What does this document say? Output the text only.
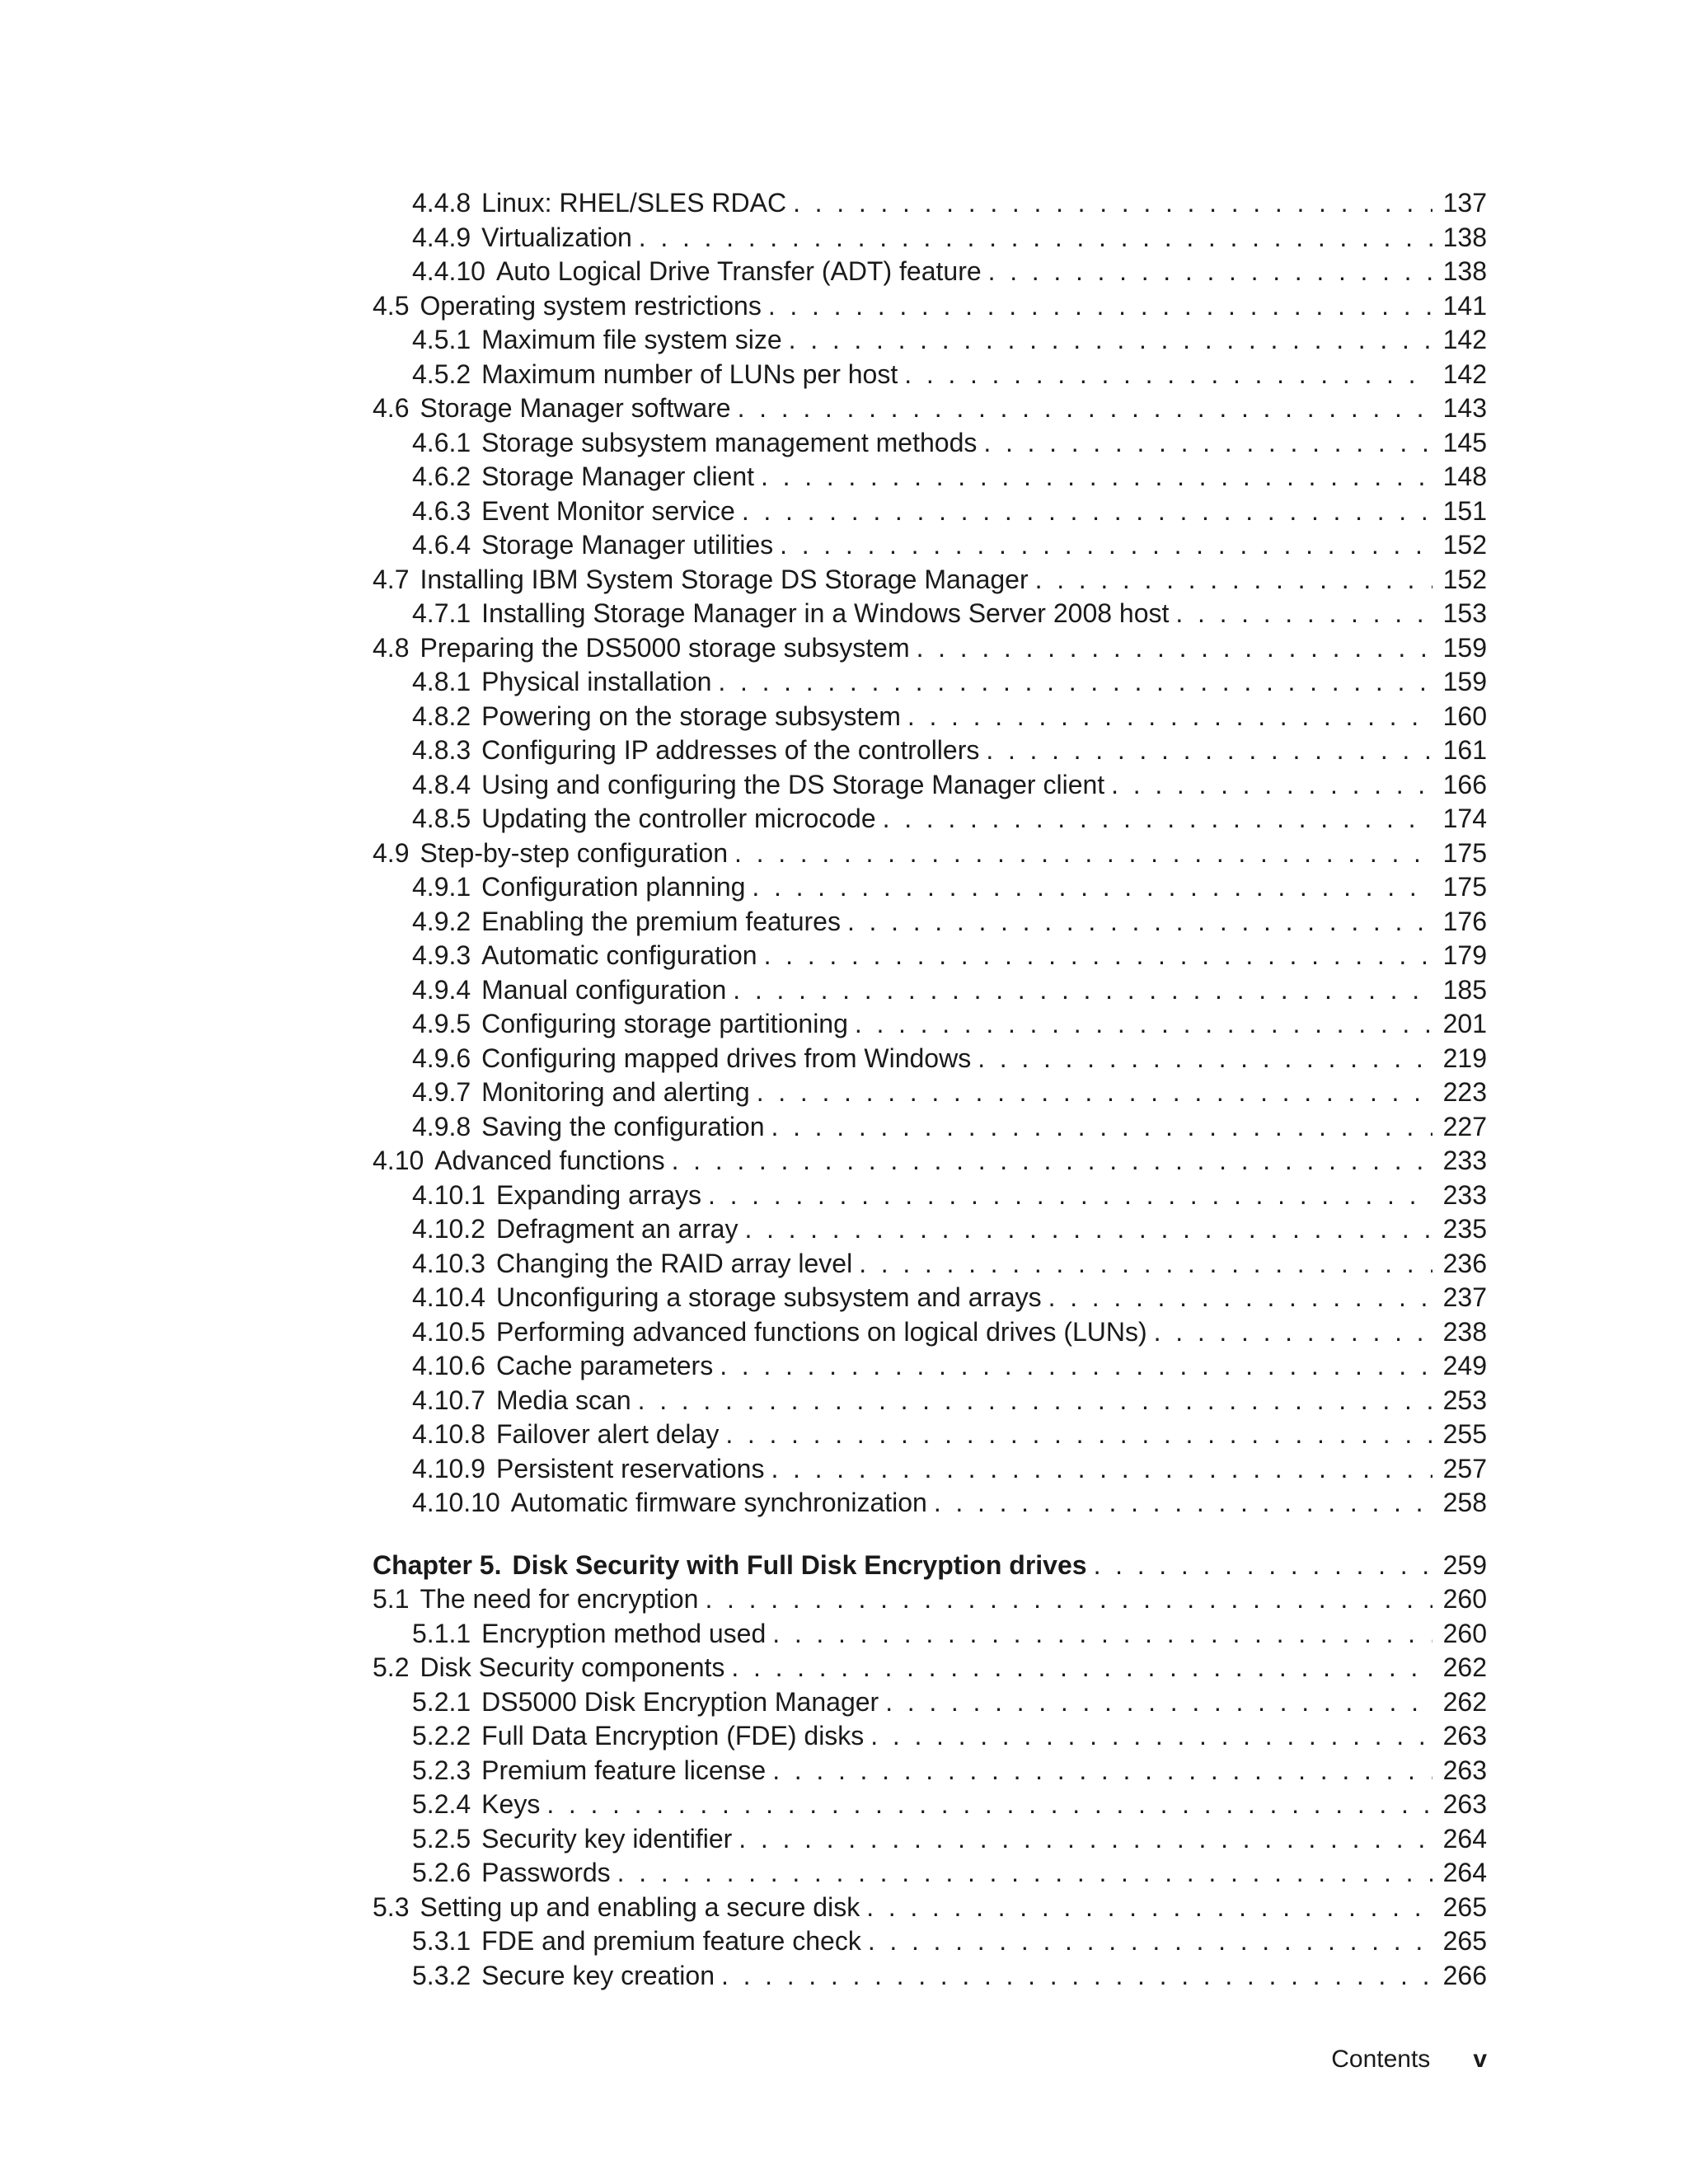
4.4.8 Linux: RHEL/SLES RDAC . . .	137
4.4.9 Virtualization . . .	138
4.4.10 Auto Logical Drive Transfer (ADT) feature . . .	138
4.5 Operating system restrictions . . .	141
4.5.1 Maximum file system size . . .	142
4.5.2 Maximum number of LUNs per host . . .	142
4.6 Storage Manager software . . .	143
4.6.1 Storage subsystem management methods . . .	145
4.6.2 Storage Manager client . . .	148
4.6.3 Event Monitor service . . .	151
4.6.4 Storage Manager utilities . . .	152
4.7 Installing IBM System Storage DS Storage Manager . . .	152
4.7.1 Installing Storage Manager in a Windows Server 2008 host . . .	153
4.8 Preparing the DS5000 storage subsystem . . .	159
4.8.1 Physical installation . . .	159
4.8.2 Powering on the storage subsystem . . .	160
4.8.3 Configuring IP addresses of the controllers . . .	161
4.8.4 Using and configuring the DS Storage Manager client . . .	166
4.8.5 Updating the controller microcode . . .	174
4.9 Step-by-step configuration . . .	175
4.9.1 Configuration planning . . .	175
4.9.2 Enabling the premium features . . .	176
4.9.3 Automatic configuration . . .	179
4.9.4 Manual configuration . . .	185
4.9.5 Configuring storage partitioning . . .	201
4.9.6 Configuring mapped drives from Windows . . .	219
4.9.7 Monitoring and alerting . . .	223
4.9.8 Saving the configuration . . .	227
4.10 Advanced functions . . .	233
4.10.1 Expanding arrays . . .	233
4.10.2 Defragment an array . . .	235
4.10.3 Changing the RAID array level . . .	236
4.10.4 Unconfiguring a storage subsystem and arrays . . .	237
4.10.5 Performing advanced functions on logical drives (LUNs) . . .	238
4.10.6 Cache parameters . . .	249
4.10.7 Media scan . . .	253
4.10.8 Failover alert delay . . .	255
4.10.9 Persistent reservations . . .	257
4.10.10 Automatic firmware synchronization . . .	258
Chapter 5. Disk Security with Full Disk Encryption drives . . .	259
5.1 The need for encryption . . .	260
5.1.1 Encryption method used . . .	260
5.2 Disk Security components . . .	262
5.2.1 DS5000 Disk Encryption Manager . . .	262
5.2.2 Full Data Encryption (FDE) disks . . .	263
5.2.3 Premium feature license . . .	263
5.2.4 Keys . . .	263
5.2.5 Security key identifier . . .	264
5.2.6 Passwords . . .	264
5.3 Setting up and enabling a secure disk . . .	265
5.3.1 FDE and premium feature check . . .	265
5.3.2 Secure key creation . . .	266
Contents v
